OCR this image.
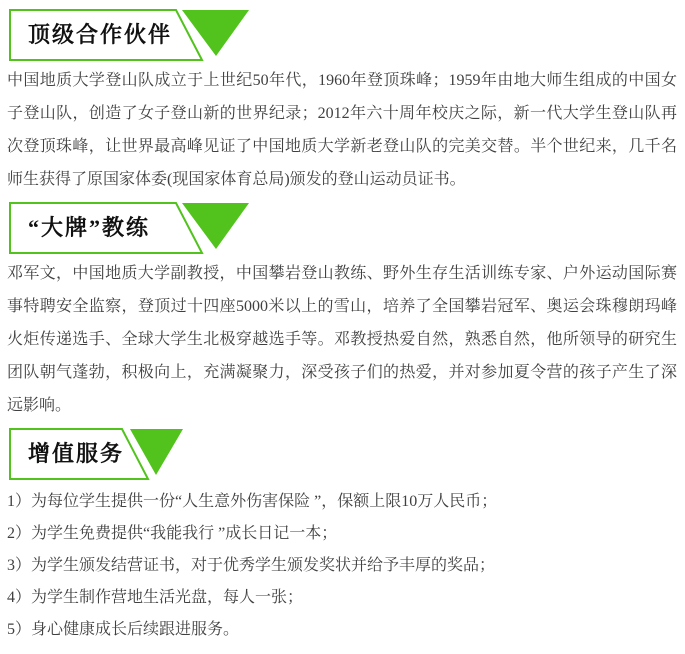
顶级合作伙伴

中国地质大学登山队成立于上世纪50年代，1960年登顶珠峰；1959年由地大师生组成的中国女子登山队，创造了女子登山新的世界纪录；2012年六十周年校庆之际，新一代大学生登山队再次登顶珠峰，让世界最高峰见证了中国地质大学新老登山队的完美交替。半个世纪来，几千名师生获得了原国家体委(现国家体育总局)颁发的登山运动员证书。

“大牌”教练

邓军文，中国地质大学副教授，中国攀岩登山教练、野外生存生活训练专家、户外运动国际赛事特聘安全监察，登顶过十四座5000米以上的雪山，培养了全国攀岩冠军、奥运会珠穆朗玛峰火炬传递选手、全球大学生北极穿越选手等。邓教授热爱自然，熟悉自然，他所领导的研究生团队朝气蓬勃，积极向上，充满凝聚力，深受孩子们的热爱，并对参加夏令营的孩子产生了深远影响。

增值服务

1）为每位学生提供一份“人生意外伤害保险 ”，保额上限10万人民币；

2）为学生免费提供“我能我行 ”成长日记一本；

3）为学生颁发结营证书，对于优秀学生颁发奖状并给予丰厚的奖品；

4）为学生制作营地生活光盘，每人一张；

5）身心健康成长后续跟进服务。
